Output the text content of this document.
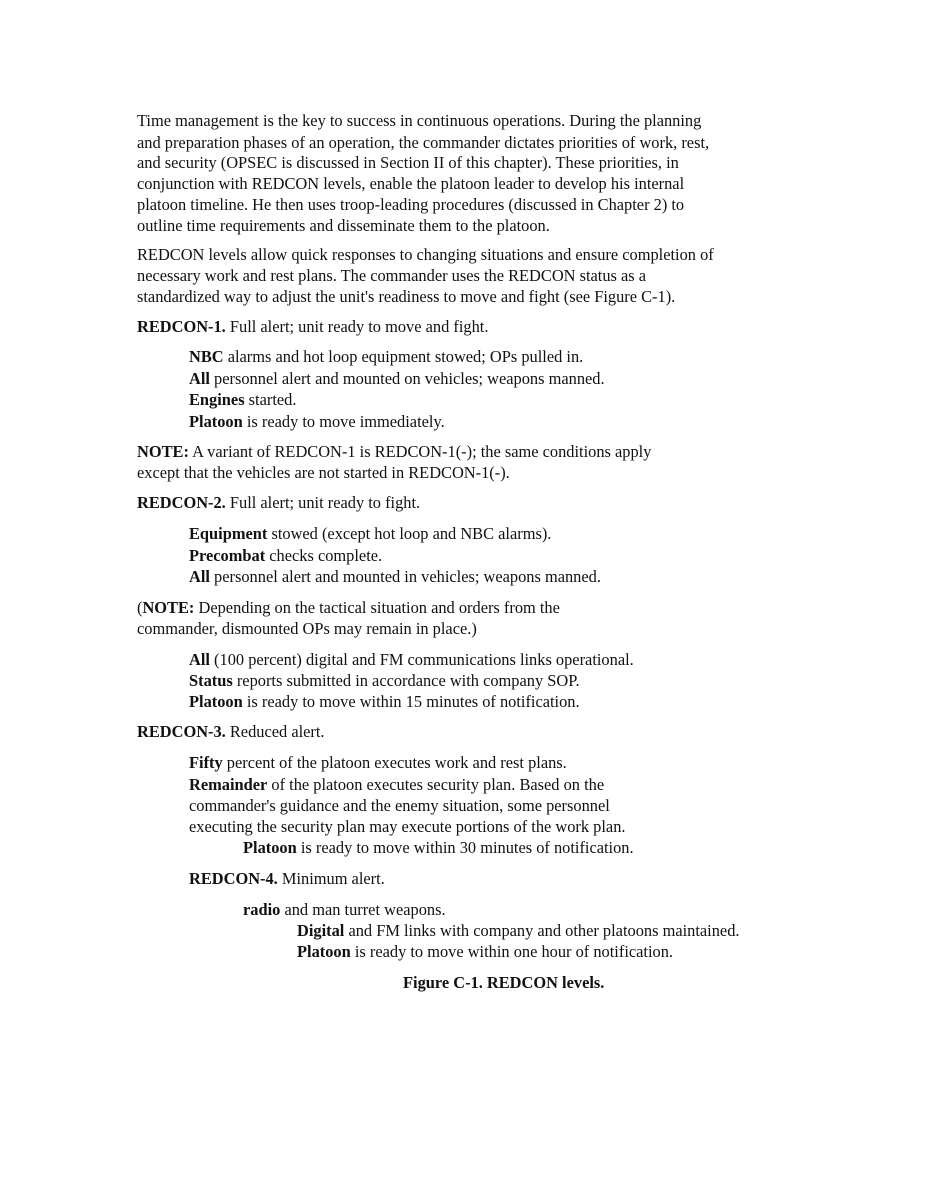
Time management is the key to success in continuous operations. During the planning
and preparation phases of an operation, the commander dictates priorities of work, rest,
and security (OPSEC is discussed in Section II of this chapter). These priorities, in
conjunction with REDCON levels, enable the platoon leader to develop his internal
platoon timeline. He then uses troop-leading procedures (discussed in Chapter 2) to
outline time requirements and disseminate them to the platoon.
REDCON levels allow quick responses to changing situations and ensure completion of
necessary work and rest plans. The commander uses the REDCON status as a
standardized way to adjust the unit's readiness to move and fight (see Figure C-1).
REDCON-1. Full alert; unit ready to move and fight.
NBC alarms and hot loop equipment stowed; OPs pulled in.
All personnel alert and mounted on vehicles; weapons manned.
Engines started.
Platoon is ready to move immediately.
NOTE: A variant of REDCON-1 is REDCON-1(-); the same conditions apply
except that the vehicles are not started in REDCON-1(-).
REDCON-2. Full alert; unit ready to fight.
Equipment stowed (except hot loop and NBC alarms).
Precombat checks complete.
All personnel alert and mounted in vehicles; weapons manned.
(NOTE: Depending on the tactical situation and orders from the
commander, dismounted OPs may remain in place.)
All (100 percent) digital and FM communications links operational.
Status reports submitted in accordance with company SOP.
Platoon is ready to move within 15 minutes of notification.
REDCON-3. Reduced alert.
Fifty percent of the platoon executes work and rest plans.
Remainder of the platoon executes security plan. Based on the
commander's guidance and the enemy situation, some personnel
executing the security plan may execute portions of the work plan.
Platoon is ready to move within 30 minutes of notification.
REDCON-4. Minimum alert.
radio and man turret weapons.
Digital and FM links with company and other platoons maintained.
Platoon is ready to move within one hour of notification.
Figure C-1. REDCON levels.
